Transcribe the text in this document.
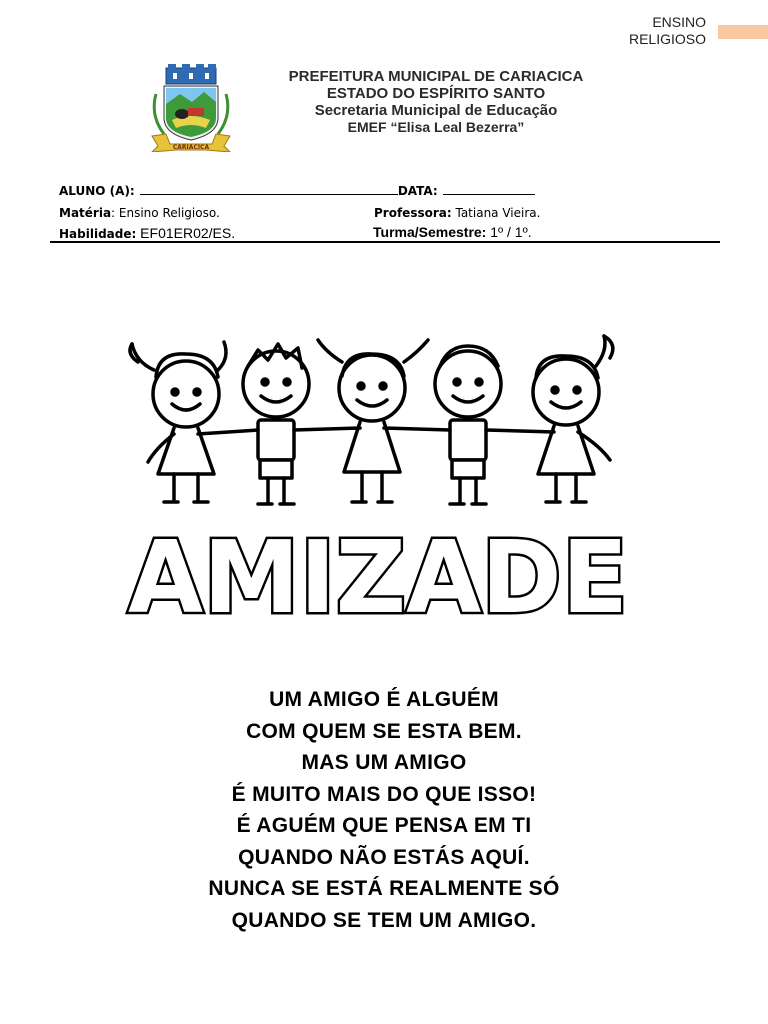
ENSINO
RELIGIOSO
CARIACICA
PREFEITURA MUNICIPAL DE CARIACICA
ESTADO DO ESPÍRITO SANTO
Secretaria Municipal de Educação
EMEF “Elisa Leal Bezerra”
ALUNO (A):	DATA:
Matéria: Ensino Religioso.	Professora: Tatiana Vieira.
Habilidade: EF01ER02/ES.	Turma/Semestre: 1º / 1º.
AMIZADE
UM AMIGO É ALGUÉM
COM QUEM SE ESTA BEM.
MAS UM AMIGO
É MUITO MAIS DO QUE ISSO!
É AGUÉM QUE PENSA EM TI
QUANDO NÃO ESTÁS AQUÍ.
NUNCA SE ESTÁ REALMENTE SÓ
QUANDO SE TEM UM AMIGO.
